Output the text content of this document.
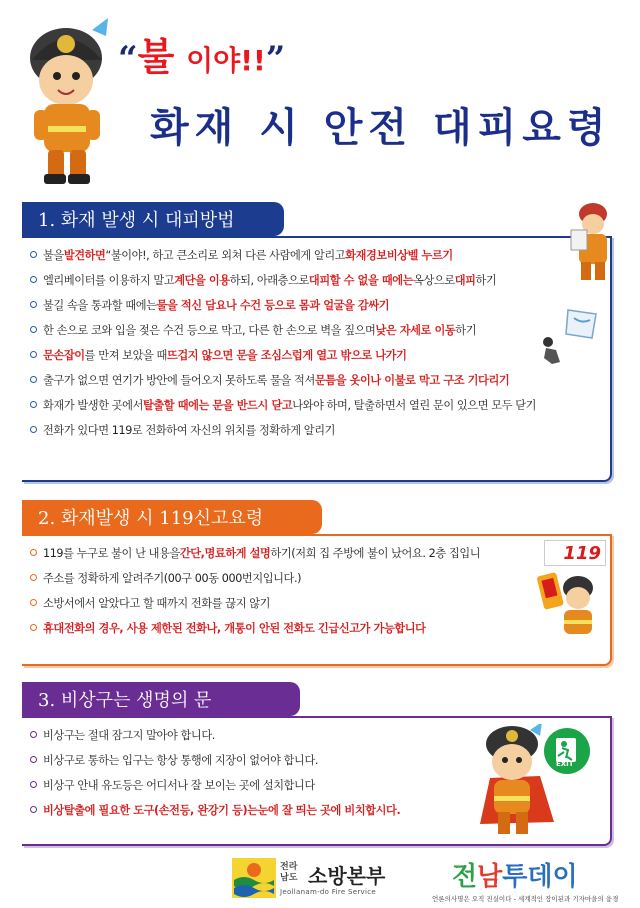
“불 이야!!”
화재 시 안전 대피요령
1. 화재 발생 시 대피방법
불을 발견하면 “불이야!, 하고 큰소리로 외쳐 다른 사람에게 알리고 화재경보비상벨 누르기
엘리베이터를 이용하지 말고 계단을 이용 하되, 아래층으로 대피할 수 없을 때에는 옥상으로 대피 하기
불길 속을 통과할 때에는 물을 적신 담요나 수건 등으로 몸과 얼굴을 감싸기
한 손으로 코와 입을 젖은 수건 등으로 막고, 다른 한 손으로 벽을 짚으며 낮은 자세로 이동 하기
문손잡이 를 만져 보았을 때 뜨겁지 않으면 문을 조심스럽게 열고 밖으로 나가기
출구가 없으면 연기가 방안에 들어오지 못하도록 물을 적셔 문틈을 옷이나 이불로 막고 구조 기다리기
화재가 발생한 곳에서 탈출할 때에는 문을 반드시 닫고 나와야 하며, 탈출하면서 열린 문이 있으면 모두 닫기
전화가 있다면 119로 전화하여 자신의 위치를 정확하게 알리기
2. 화재발생 시 119신고요령
119를 누구로 불이 난 내용을 간단,명료하게 설명 하기(저희 집 주방에 불이 났어요. 2층 집입니
주소를 정확하게 알려주기(00구 00동 000번지입니다.)
소방서에서 알았다고 할 때까지 전화를 끊지 않기
휴대전화의 경우, 사용 제한된 전화나, 개통이 안된 전화도 긴급신고가 가능합니다
119
3. 비상구는 생명의 문
비상구는 절대 잠그지 말아야 합니다.
비상구로 통하는 입구는 항상 통행에 지장이 없어야 합니다.
비상구 안내 유도등은 어디서나 잘 보이는 곳에 설치합니다
비상탈출에 필요한 도구(손전등, 완강기 등)는 눈에 잘 띄는 곳에 비치합시다.
EXIT
전라
남도 소방본부
Jeollanam-do Fire Service	전남투데이
언론의사명은 오직 진실이다 - 세계적인 장이된과 기자마을의 융경
